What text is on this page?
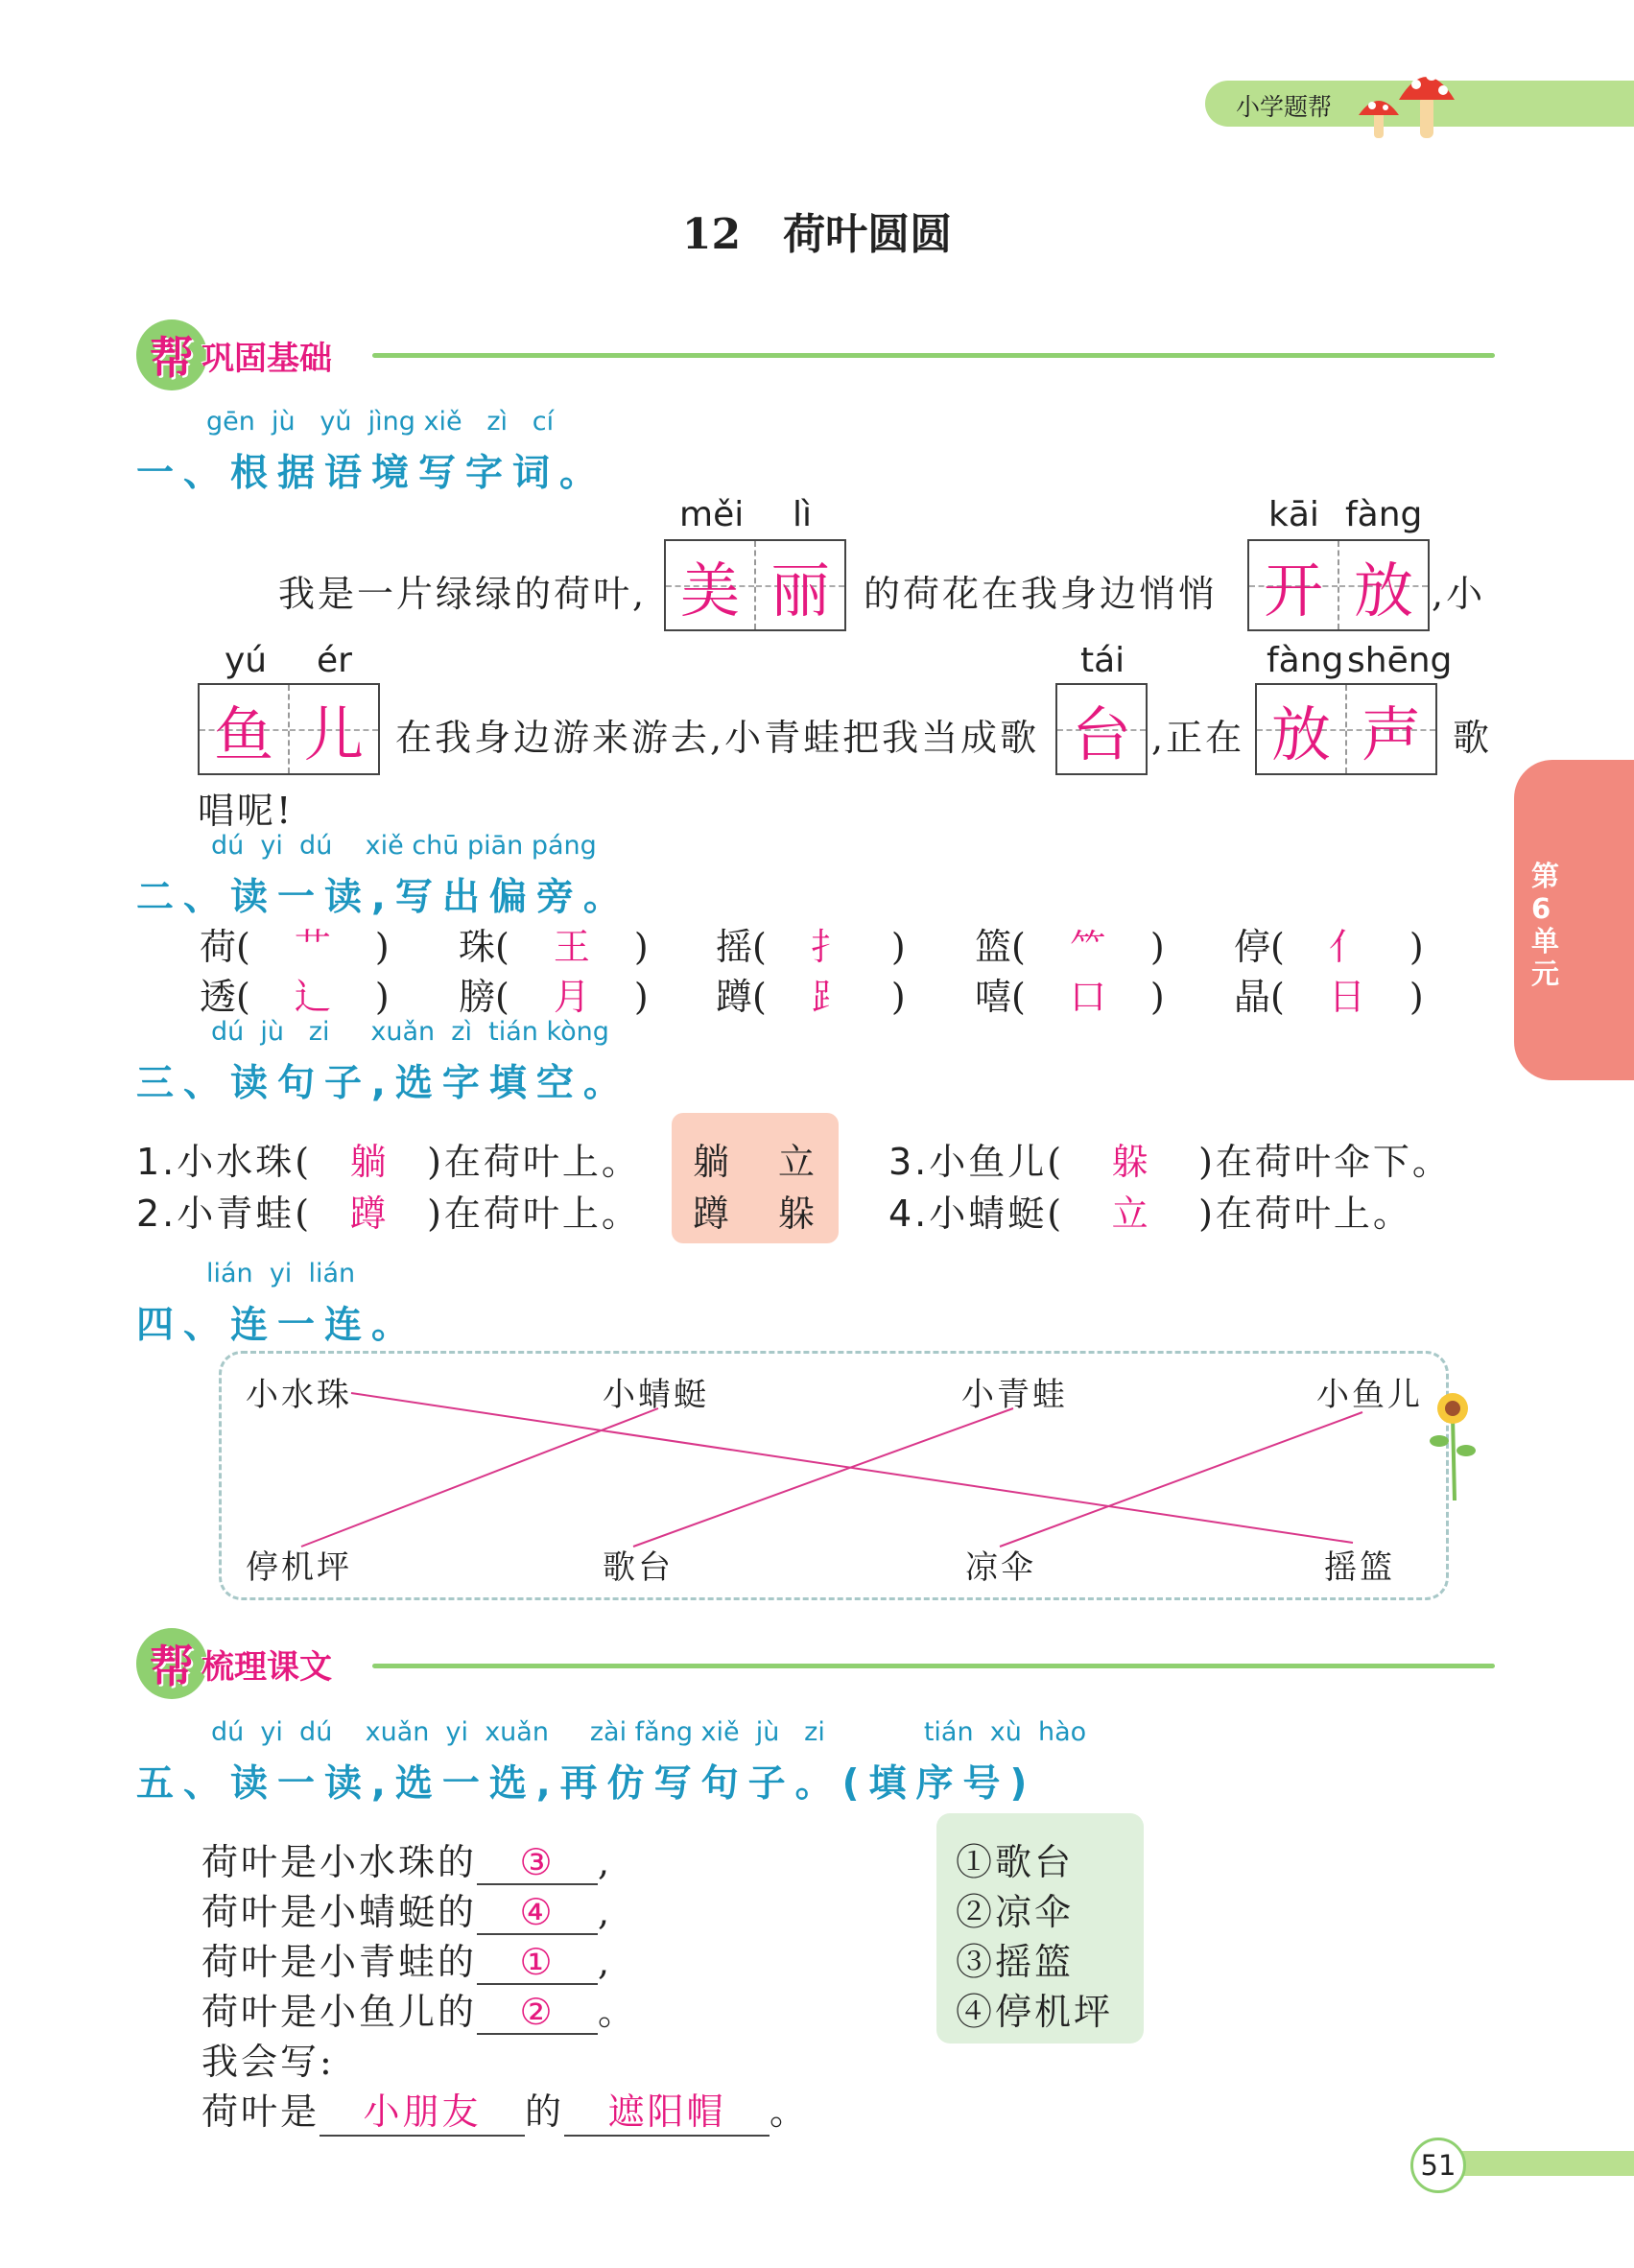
小学题帮
12 荷叶圆圆
帮 巩固基础
gēn  jù   yǔ  jìng xiě   zì   cí
一、根据语境写字词。
měi lì	kāi fàng
我是一片绿绿的荷叶, 美 丽 的荷花在我身边悄悄 开 放 ,小
yú ér	tái	fàng shēng
鱼 儿 在我身边游来游去,小青蛙把我当成歌 台 ,正在 放 声 歌
唱呢!
dú  yi  dú    xiě chū piān páng
二、读一读,写出偏旁。
荷( 艹 ) 珠( 王 ) 摇( 扌 ) 篮( ⺮ ) 停( 亻 )
透( 辶 ) 膀( 月 ) 蹲( ⻊ ) 嘻( 口 ) 晶( 日 )
dú  jù   zi     xuǎn  zì  tián kòng
三、读句子,选字填空。
躺 立
蹲 躲
1.小水珠( 躺 )在荷叶上。
2.小青蛙( 蹲 )在荷叶上。
3.小鱼儿( 躲 )在荷叶伞下。
4.小蜻蜓( 立 )在荷叶上。
lián  yi  lián
四、连一连。
小水珠	小蜻蜓	小青蛙	小鱼儿
停机坪	歌台	凉伞	摇篮
帮 梳理课文
dú  yi  dú    xuǎn  yi  xuǎn     zài fǎng xiě  jù   zi            tián  xù  hào
五、读一读,选一选,再仿写句子。(填序号)
荷叶是小水珠的 ③ ,
荷叶是小蜻蜓的 ④ ,
荷叶是小青蛙的 ① ,
荷叶是小鱼儿的 ② 。
我会写:
荷叶是 小朋友 的 遮阳帽 。
①歌台
②凉伞
③摇篮
④停机坪
第6单元
51
